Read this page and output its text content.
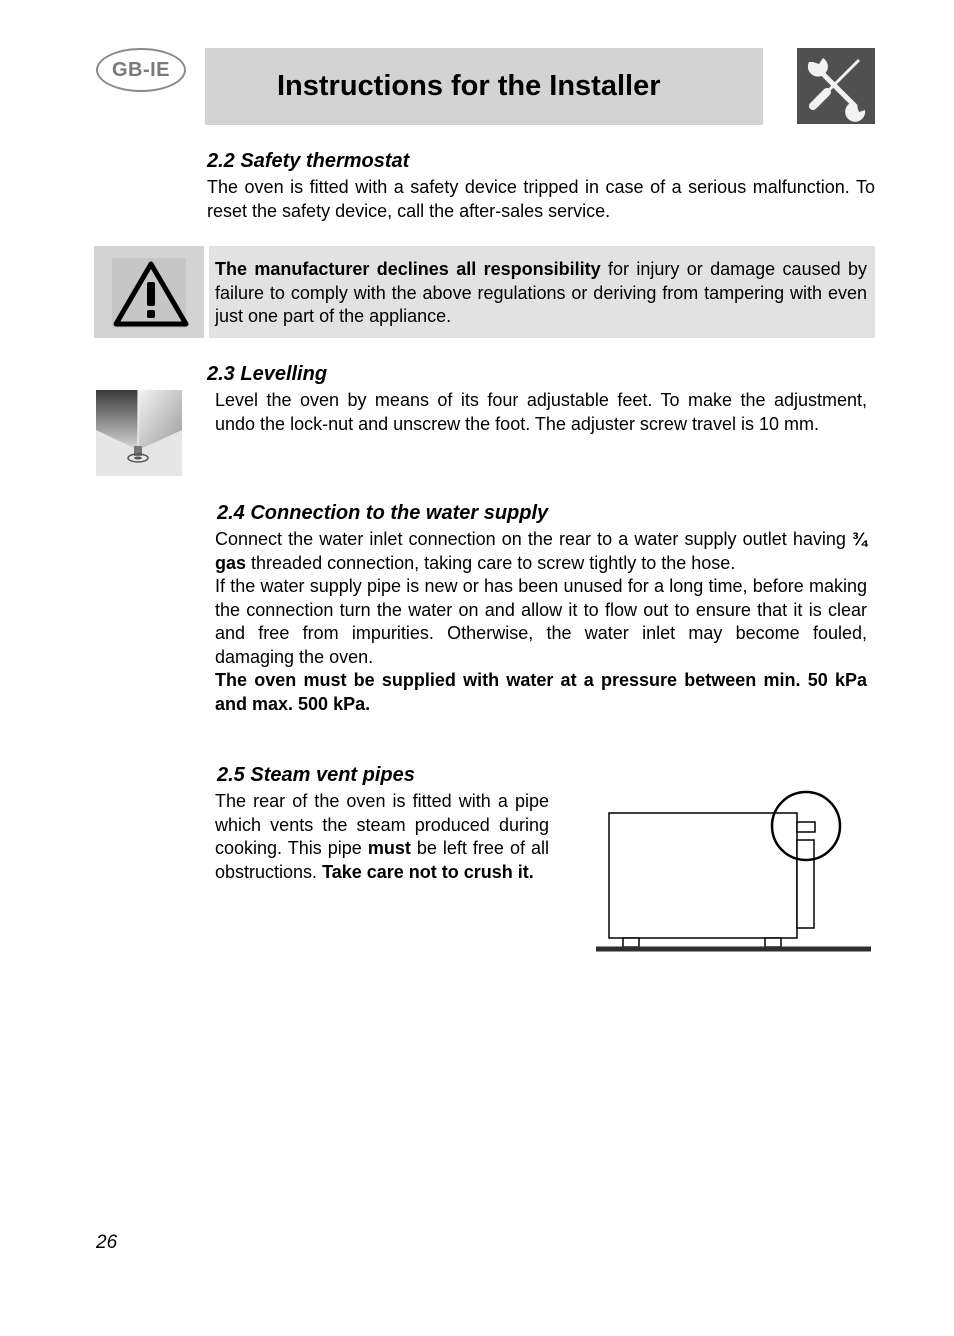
GB-IE
Instructions for the Installer
2.2 Safety thermostat
The oven is fitted with a safety device tripped in case of a serious malfunction. To reset the safety device, call the after-sales service.
The manufacturer declines all responsibility for injury or damage caused by failure to comply with the above regulations or deriving from tampering with even just one part of the appliance.
2.3 Levelling
Level the oven by means of its four adjustable feet. To make the adjustment, undo the lock-nut and unscrew the foot. The adjuster screw travel is 10 mm.
2.4 Connection to the water supply
Connect the water inlet connection on the rear to a water supply outlet having ¾ gas threaded connection, taking care to screw tightly to the hose.
If the water supply pipe is new or has been unused for a long time, before making the connection turn the water on and allow it to flow out to ensure that it is clear and free from impurities. Otherwise, the water inlet may become fouled, damaging the oven.
The oven must be supplied with water at a pressure between min. 50 kPa and max. 500 kPa.
2.5 Steam vent pipes
The rear of the oven is fitted with a pipe which vents the steam produced during cooking. This pipe must be left free of all obstructions. Take care not to crush it.
26
